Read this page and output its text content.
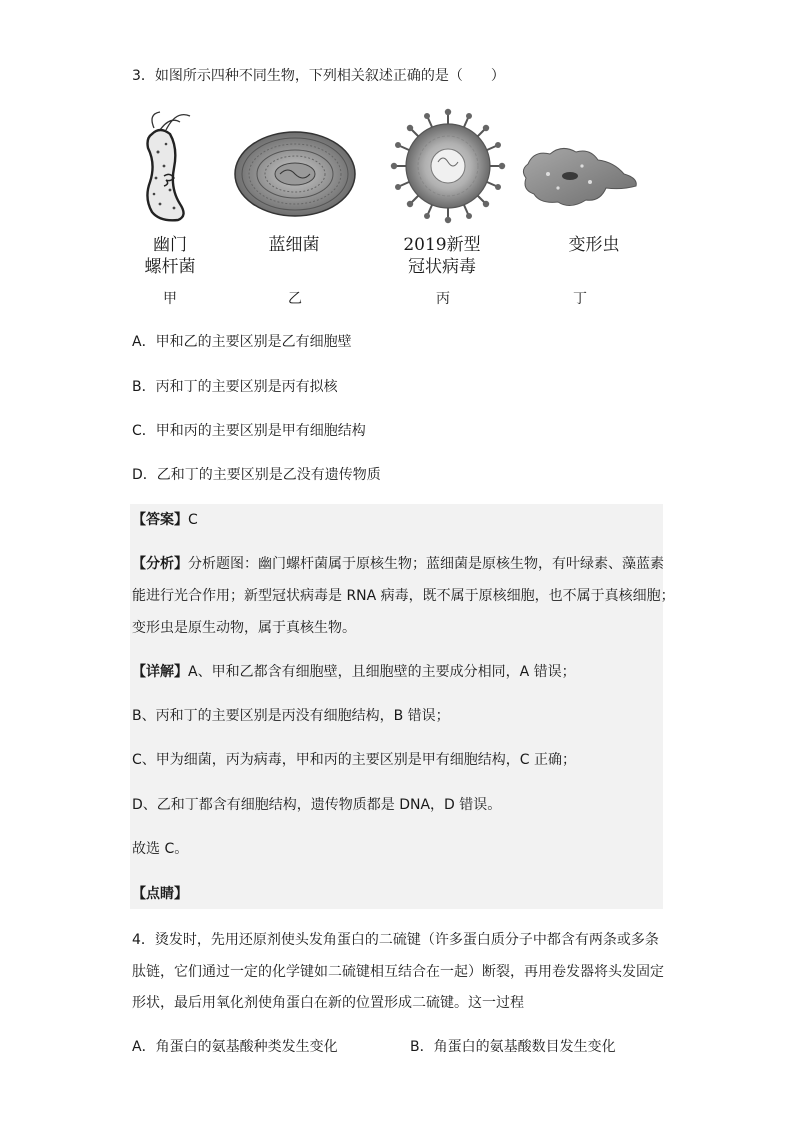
3．如图所示四种不同生物，下列相关叙述正确的是（　　）
幽门
螺杆菌
蓝细菌	2019新型
冠状病毒
变形虫
甲	乙	丙	丁
A．甲和乙的主要区别是乙有细胞壁
B．丙和丁的主要区别是丙有拟核
C．甲和丙的主要区别是甲有细胞结构
D．乙和丁的主要区别是乙没有遗传物质
【答案】C
【分析】分析题图：幽门螺杆菌属于原核生物；蓝细菌是原核生物，有叶绿素、藻蓝素
能进行光合作用；新型冠状病毒是 RNA 病毒，既不属于原核细胞，也不属于真核细胞；
变形虫是原生动物，属于真核生物。
【详解】A、甲和乙都含有细胞壁，且细胞壁的主要成分相同，A 错误；
B、丙和丁的主要区别是丙没有细胞结构，B 错误；
C、甲为细菌，丙为病毒，甲和丙的主要区别是甲有细胞结构，C 正确；
D、乙和丁都含有细胞结构，遗传物质都是 DNA，D 错误。
故选 C。
【点睛】
4．烫发时，先用还原剂使头发角蛋白的二硫键（许多蛋白质分子中都含有两条或多条
肽链，它们通过一定的化学键如二硫键相互结合在一起）断裂，再用卷发器将头发固定
形状，最后用氧化剂使角蛋白在新的位置形成二硫键。这一过程
A．角蛋白的氨基酸种类发生变化	B．角蛋白的氨基酸数目发生变化
